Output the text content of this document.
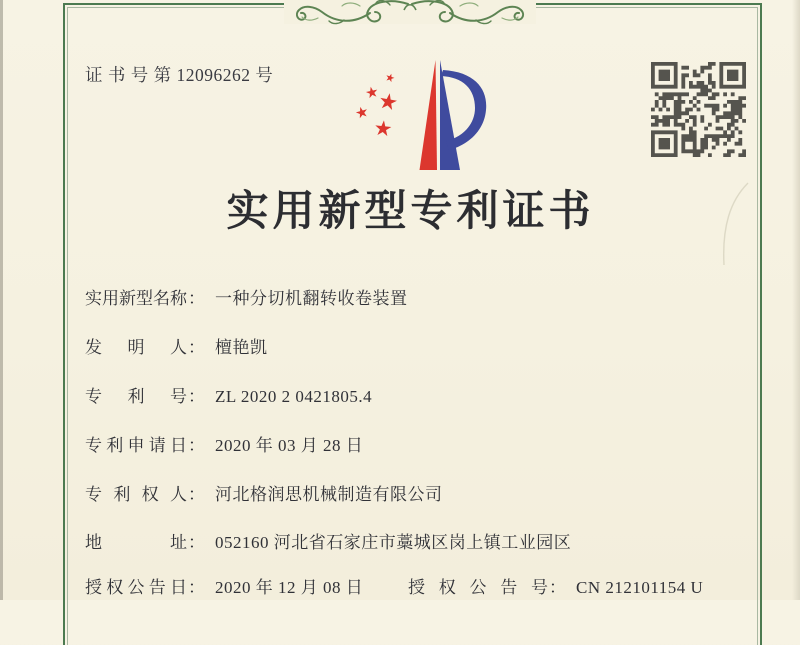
证 书 号 第 12096262 号	★
★
★
★
★
实用新型专利证书
实 用 新 型 名 称 ： 一种分切机翻转收卷装置
发 明 人 ： 檀艳凯
专 利 号 ： ZL 2020 2 0421805.4
专 利 申 请 日 ： 2020 年 03 月 28 日
专 利 权 人 ： 河北格润思机械制造有限公司
地	址 ： 052160 河北省石家庄市藁城区岗上镇工业园区
授 权 公 告 日 ： 2020 年 12 月 08 日	授 权 公 告 号 ： CN 212101154 U
